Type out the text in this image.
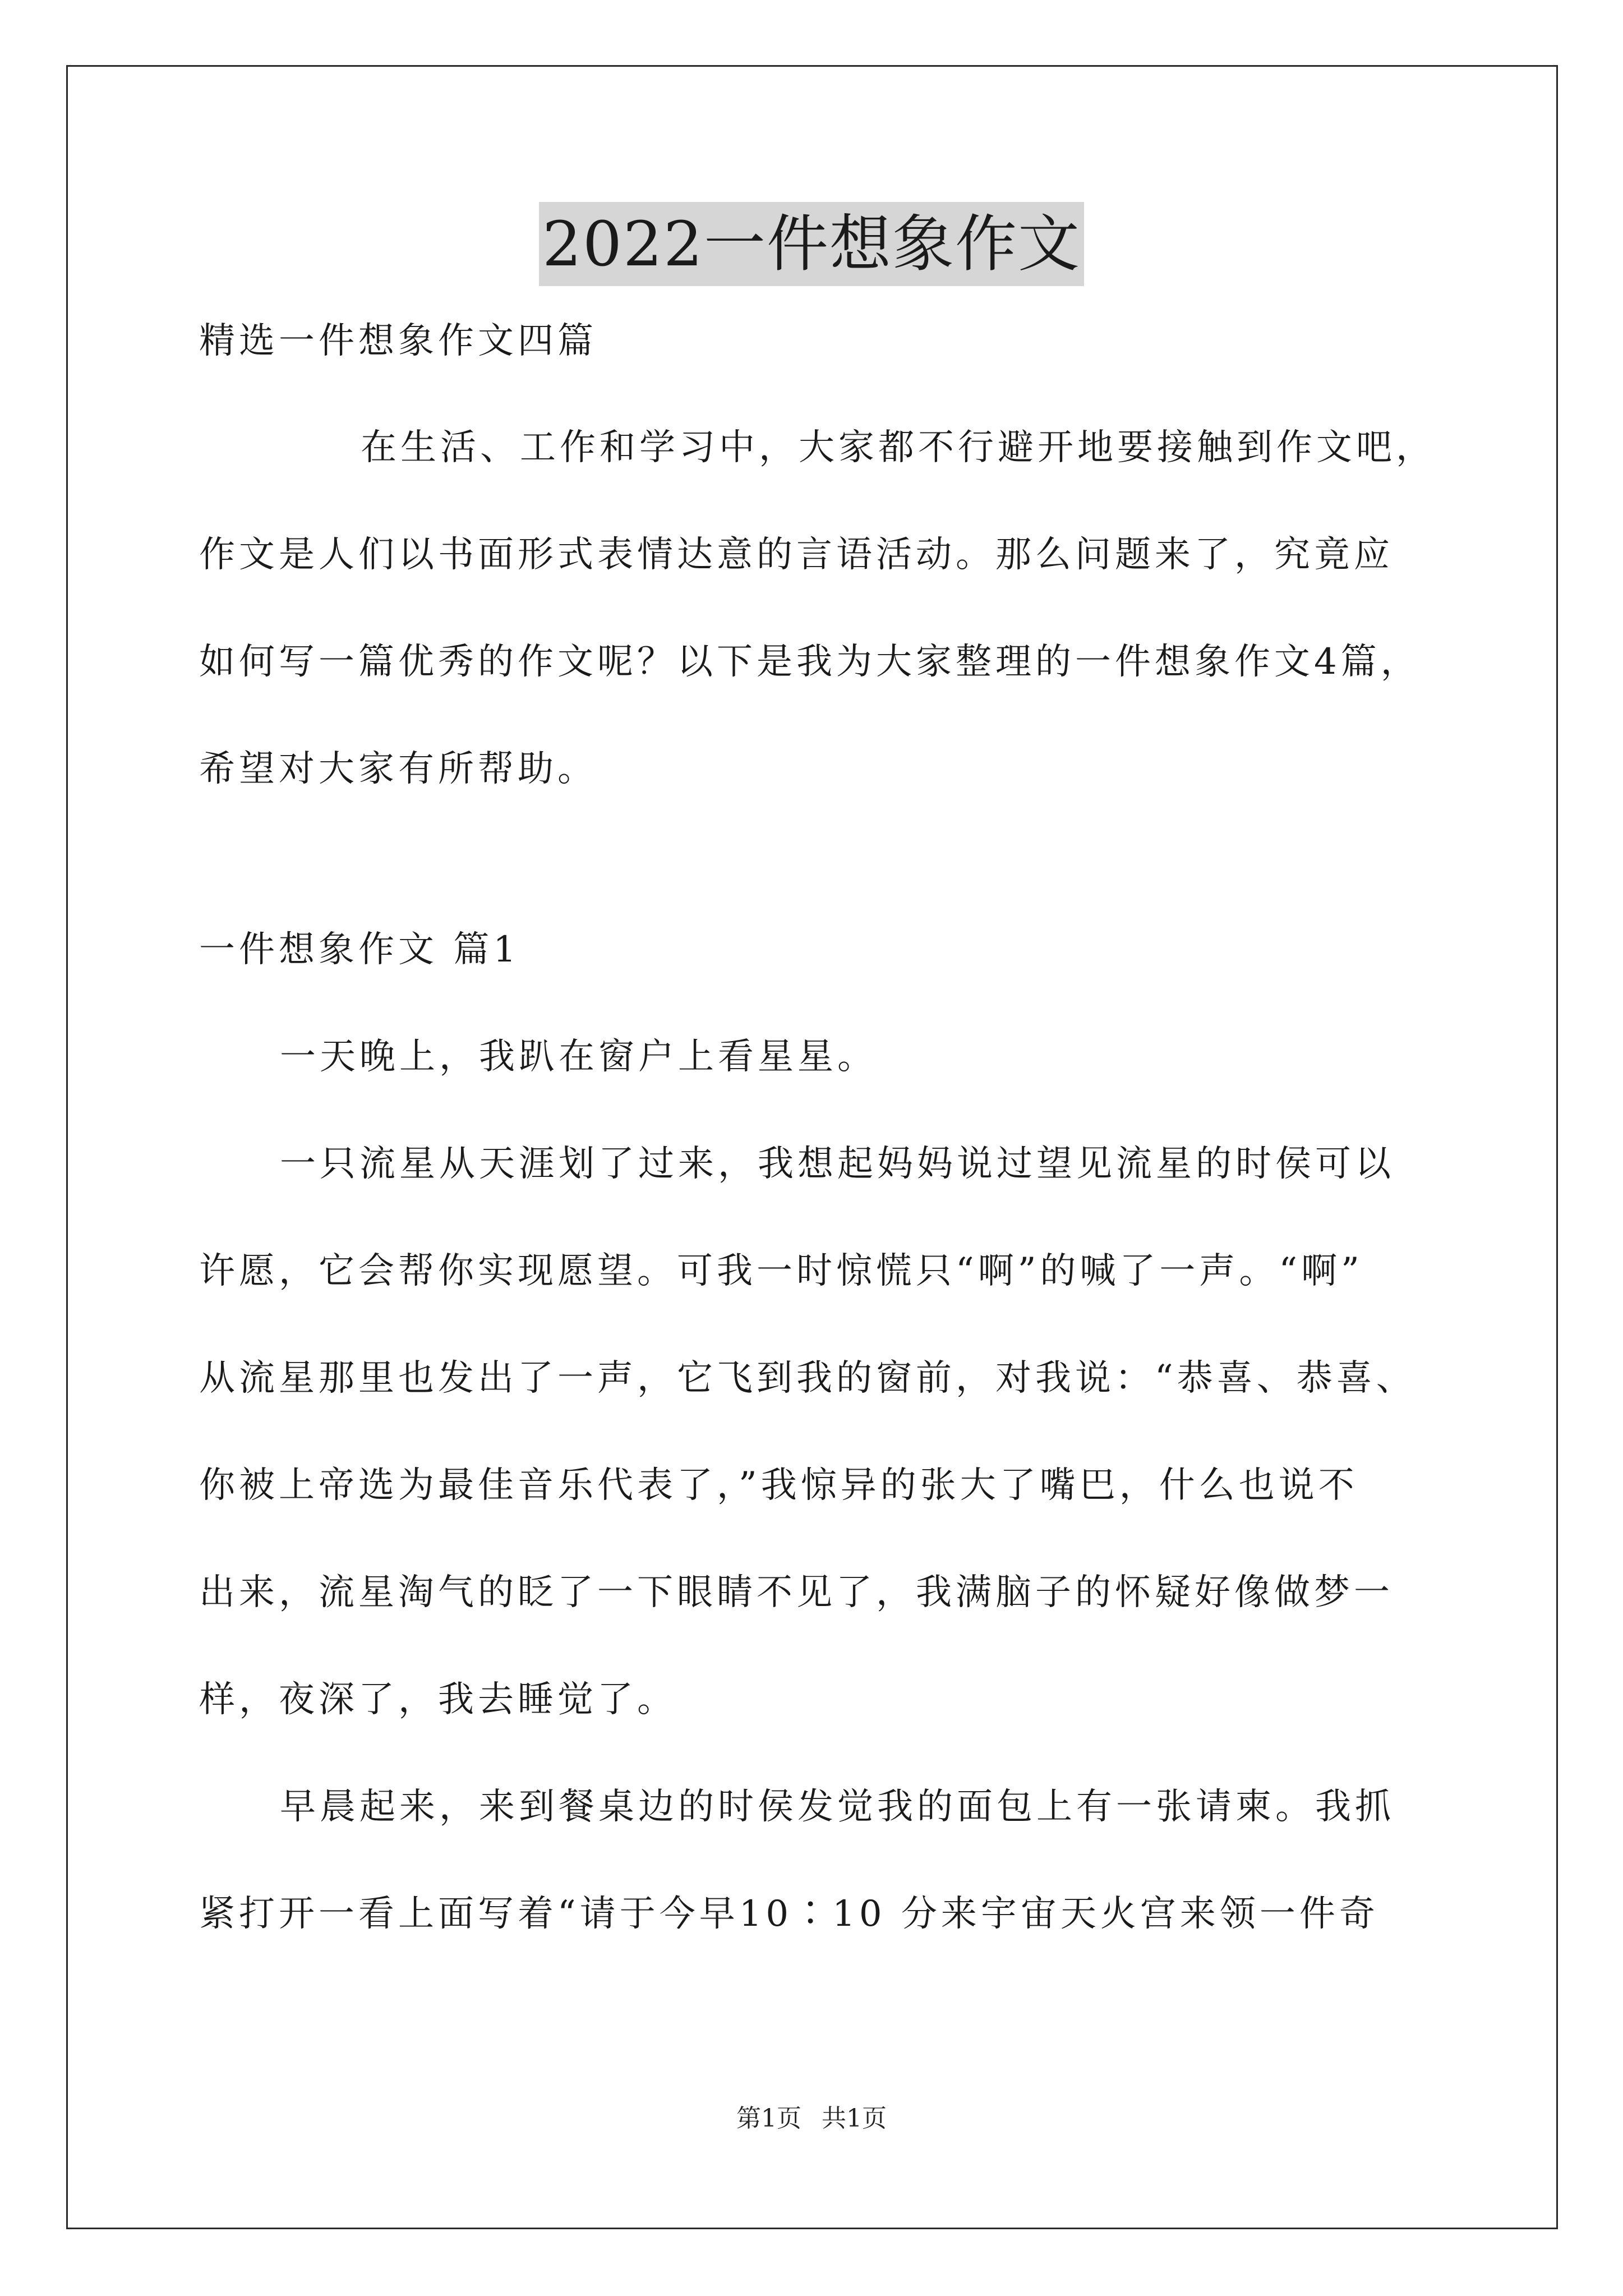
2022一件想象作文

精选一件想象作文四篇

在生活、工作和学习中，大家都不行避开地要接触到作文吧，

作文是人们以书面形式表情达意的言语活动。那么问题来了，究竟应

如何写一篇优秀的作文呢？以下是我为大家整理的一件想象作文4篇，

希望对大家有所帮助。

一件想象作文 篇1

一天晚上，我趴在窗户上看星星。

一只流星从天涯划了过来，我想起妈妈说过望见流星的时侯可以

许愿，它会帮你实现愿望。可我一时惊慌只“啊”的喊了一声。“啊”

从流星那里也发出了一声，它飞到我的窗前，对我说：“恭喜、恭喜、

你被上帝选为最佳音乐代表了，”我惊异的张大了嘴巴，什么也说不

出来，流星淘气的眨了一下眼睛不见了，我满脑子的怀疑好像做梦一

样，夜深了，我去睡觉了。

早晨起来，来到餐桌边的时侯发觉我的面包上有一张请柬。我抓

紧打开一看上面写着“请于今早10∶10 分来宇宙天火宫来领一件奇

第1页 共1页
